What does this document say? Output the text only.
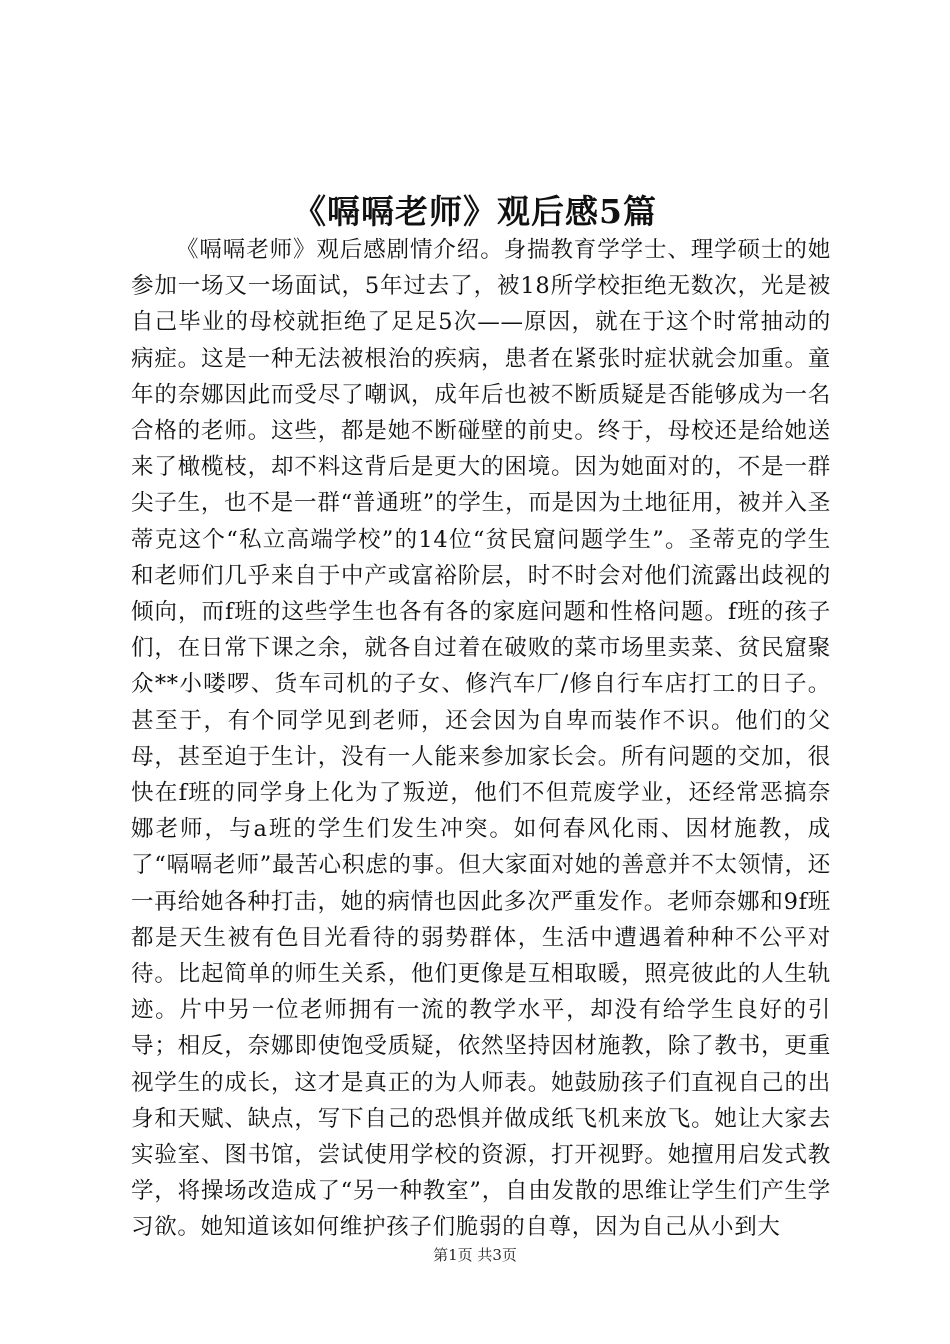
《嗝嗝老师》观后感5篇

《嗝嗝老师》观后感剧情介绍。身揣教育学学士、理学硕士的她参加一场又一场面试，5年过去了，被18所学校拒绝无数次，光是被自己毕业的母校就拒绝了足足5次——原因，就在于这个时常抽动的病症。这是一种无法被根治的疾病，患者在紧张时症状就会加重。童年的奈娜因此而受尽了嘲讽，成年后也被不断质疑是否能够成为一名合格的老师。这些，都是她不断碰壁的前史。终于，母校还是给她送来了橄榄枝，却不料这背后是更大的困境。因为她面对的，不是一群尖子生，也不是一群“普通班”的学生，而是因为土地征用，被并入圣蒂克这个“私立高端学校”的14位“贫民窟问题学生”。圣蒂克的学生和老师们几乎来自于中产或富裕阶层，时不时会对他们流露出歧视的倾向，而f班的这些学生也各有各的家庭问题和性格问题。f班的孩子们，在日常下课之余，就各自过着在破败的菜市场里卖菜、贫民窟聚众**小喽啰、货车司机的子女、修汽车厂/修自行车店打工的日子。甚至于，有个同学见到老师，还会因为自卑而装作不识。他们的父母，甚至迫于生计，没有一人能来参加家长会。所有问题的交加，很快在f班的同学身上化为了叛逆，他们不但荒废学业，还经常恶搞奈娜老师，与a班的学生们发生冲突。如何春风化雨、因材施教，成了“嗝嗝老师”最苦心积虑的事。但大家面对她的善意并不太领情，还一再给她各种打击，她的病情也因此多次严重发作。老师奈娜和9f班都是天生被有色目光看待的弱势群体，生活中遭遇着种种不公平对待。比起简单的师生关系，他们更像是互相取暖，照亮彼此的人生轨迹。片中另一位老师拥有一流的教学水平，却没有给学生良好的引导；相反，奈娜即使饱受质疑，依然坚持因材施教，除了教书，更重视学生的成长，这才是真正的为人师表。她鼓励孩子们直视自己的出身和天赋、缺点，写下自己的恐惧并做成纸飞机来放飞。她让大家去实验室、图书馆，尝试使用学校的资源，打开视野。她擅用启发式教学，将操场改造成了“另一种教室”，自由发散的思维让学生们产生学习欲。她知道该如何维护孩子们脆弱的自尊，因为自己从小到大

第1页 共3页
